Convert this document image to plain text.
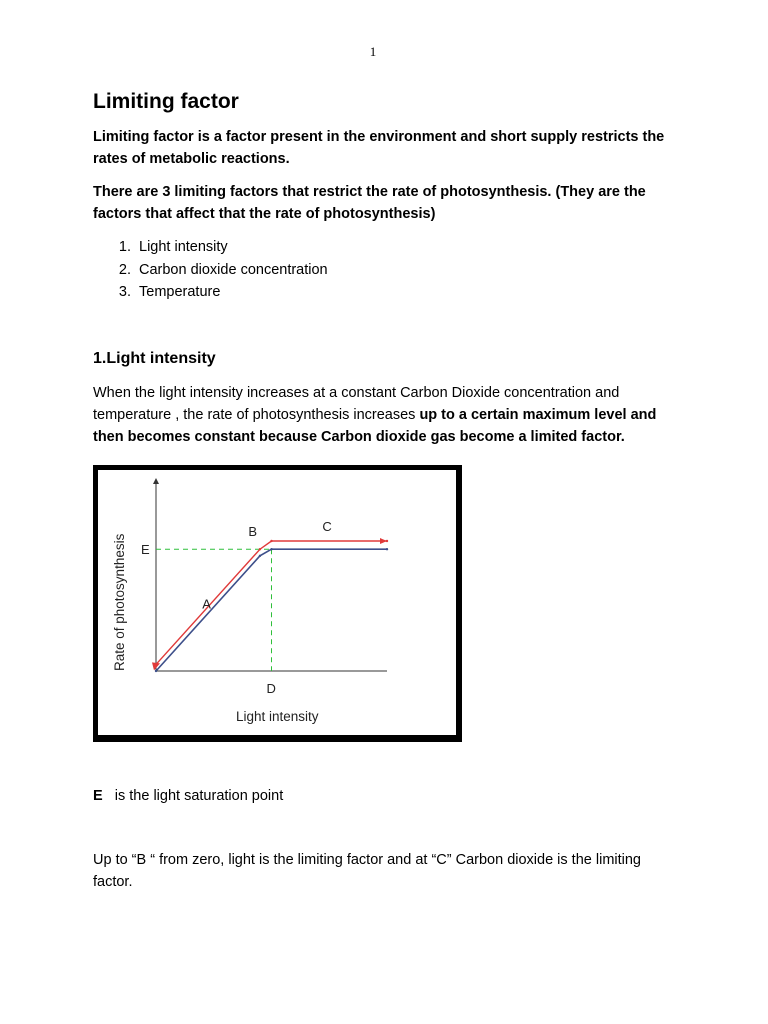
1
Limiting factor

Limiting factor is a factor present in the environment and short supply restricts the rates of metabolic reactions.

There are 3 limiting factors that restrict the rate of photosynthesis. (They are the factors that affect that the rate of photosynthesis)

1. Light intensity
2. Carbon dioxide concentration
3. Temperature
1.Light intensity

When the light intensity increases at a constant Carbon Dioxide concentration and temperature , the rate of photosynthesis increases up to a certain maximum level and then becomes constant because Carbon dioxide gas become a limited factor.

A
B	C
D
E
Light intensity
Rate of photosynthesis

E is the light saturation point

Up to “B “ from zero, light is the limiting factor and at “C” Carbon dioxide is the limiting factor.
